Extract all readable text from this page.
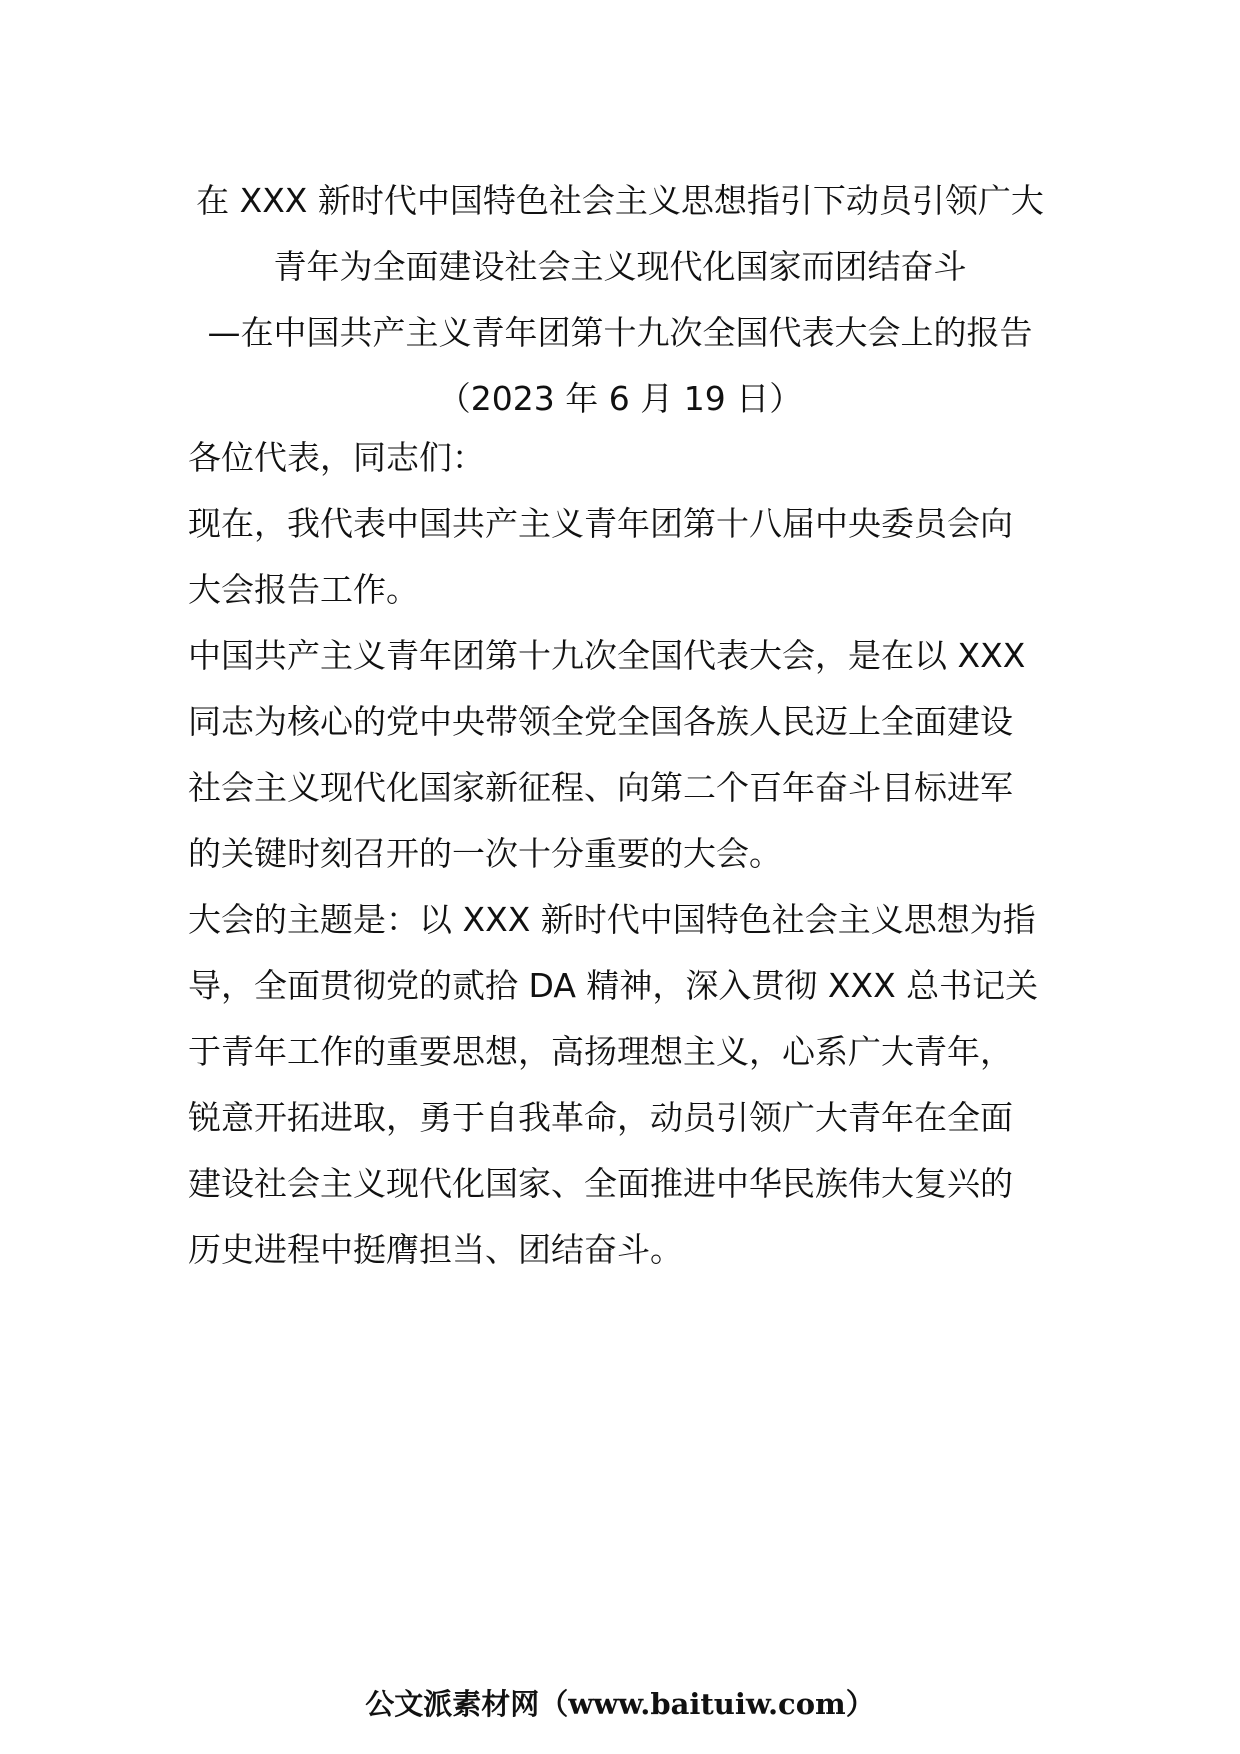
在 XXX 新时代中国特色社会主义思想指引下动员引领广大

青年为全面建设社会主义现代化国家而团结奋斗

—在中国共产主义青年团第十九次全国代表大会上的报告

（2023 年 6 月 19 日）

各位代表，同志们：

现在，我代表中国共产主义青年团第十八届中央委员会向
大会报告工作。

中国共产主义青年团第十九次全国代表大会，是在以 XXX
同志为核心的党中央带领全党全国各族人民迈上全面建设
社会主义现代化国家新征程、向第二个百年奋斗目标进军
的关键时刻召开的一次十分重要的大会。

大会的主题是：以 XXX 新时代中国特色社会主义思想为指
导，全面贯彻党的贰拾 DA 精神，深入贯彻 XXX 总书记关
于青年工作的重要思想，高扬理想主义，心系广大青年，
锐意开拓进取，勇于自我革命，动员引领广大青年在全面
建设社会主义现代化国家、全面推进中华民族伟大复兴的
历史进程中挺膺担当、团结奋斗。

公文派素材网（www.baituiw.com）
